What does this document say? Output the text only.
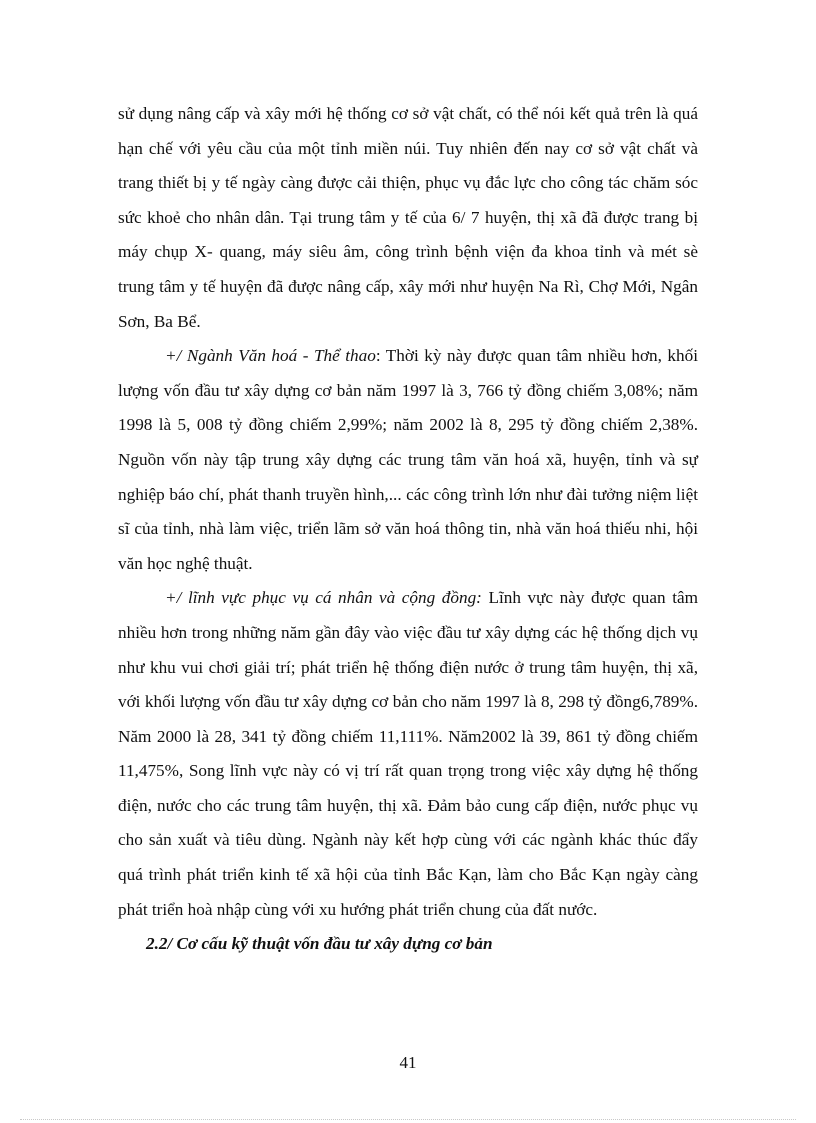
sử dụng nâng cấp và xây mới hệ thống cơ sở vật chất, có thể nói kết quả trên là quá hạn chế với yêu cầu của một tỉnh miền núi. Tuy nhiên đến nay cơ sở vật chất và trang thiết bị y tế ngày càng được cải thiện, phục vụ đắc lực cho công tác chăm sóc sức khoẻ cho nhân dân. Tại trung tâm y tế của 6/ 7 huyện, thị xã đã được trang bị máy chụp X- quang, máy siêu âm, công trình bệnh viện đa khoa tỉnh và mét sè trung tâm y tế huyện đã được nâng cấp, xây mới như huyện Na Rì, Chợ Mới, Ngân Sơn, Ba Bể.

+/ Ngành Văn hoá - Thể thao: Thời kỳ này được quan tâm nhiều hơn, khối lượng vốn đầu tư xây dựng cơ bản năm 1997 là 3, 766 tỷ đồng chiếm 3,08%; năm 1998 là 5, 008 tỷ đồng chiếm 2,99%; năm 2002 là 8, 295 tỷ đồng chiếm 2,38%. Nguồn vốn này tập trung xây dựng các trung tâm văn hoá xã, huyện, tỉnh và sự nghiệp báo chí, phát thanh truyền hình,... các công trình lớn như đài tưởng niệm liệt sĩ của tỉnh, nhà làm việc, triển lãm sở văn hoá thông tin, nhà văn hoá thiếu nhi, hội văn học nghệ thuật.

+/ lĩnh vực phục vụ cá nhân và cộng đồng: Lĩnh vực này được quan tâm nhiều hơn trong những năm gần đây vào việc đầu tư xây dựng các hệ thống dịch vụ như khu vui chơi giải trí; phát triển hệ thống điện nước ở trung tâm huyện, thị xã, với khối lượng vốn đầu tư xây dựng cơ bản cho năm 1997 là 8, 298 tỷ đồng6,789%. Năm 2000 là 28, 341 tỷ đồng chiếm 11,111%. Năm2002 là 39, 861 tỷ đồng chiếm 11,475%, Song lĩnh vực này có vị trí rất quan trọng trong việc xây dựng hệ thống điện, nước cho các trung tâm huyện, thị xã. Đảm bảo cung cấp điện, nước phục vụ cho sản xuất và tiêu dùng. Ngành này kết hợp cùng với các ngành khác thúc đẩy quá trình phát triển kinh tế xã hội của tỉnh Bắc Kạn, làm cho Bắc Kạn ngày càng phát triển hoà nhập cùng với xu hướng phát triển chung của đất nước.

2.2/ Cơ cấu kỹ thuật vốn đầu tư xây dựng cơ bản

41
